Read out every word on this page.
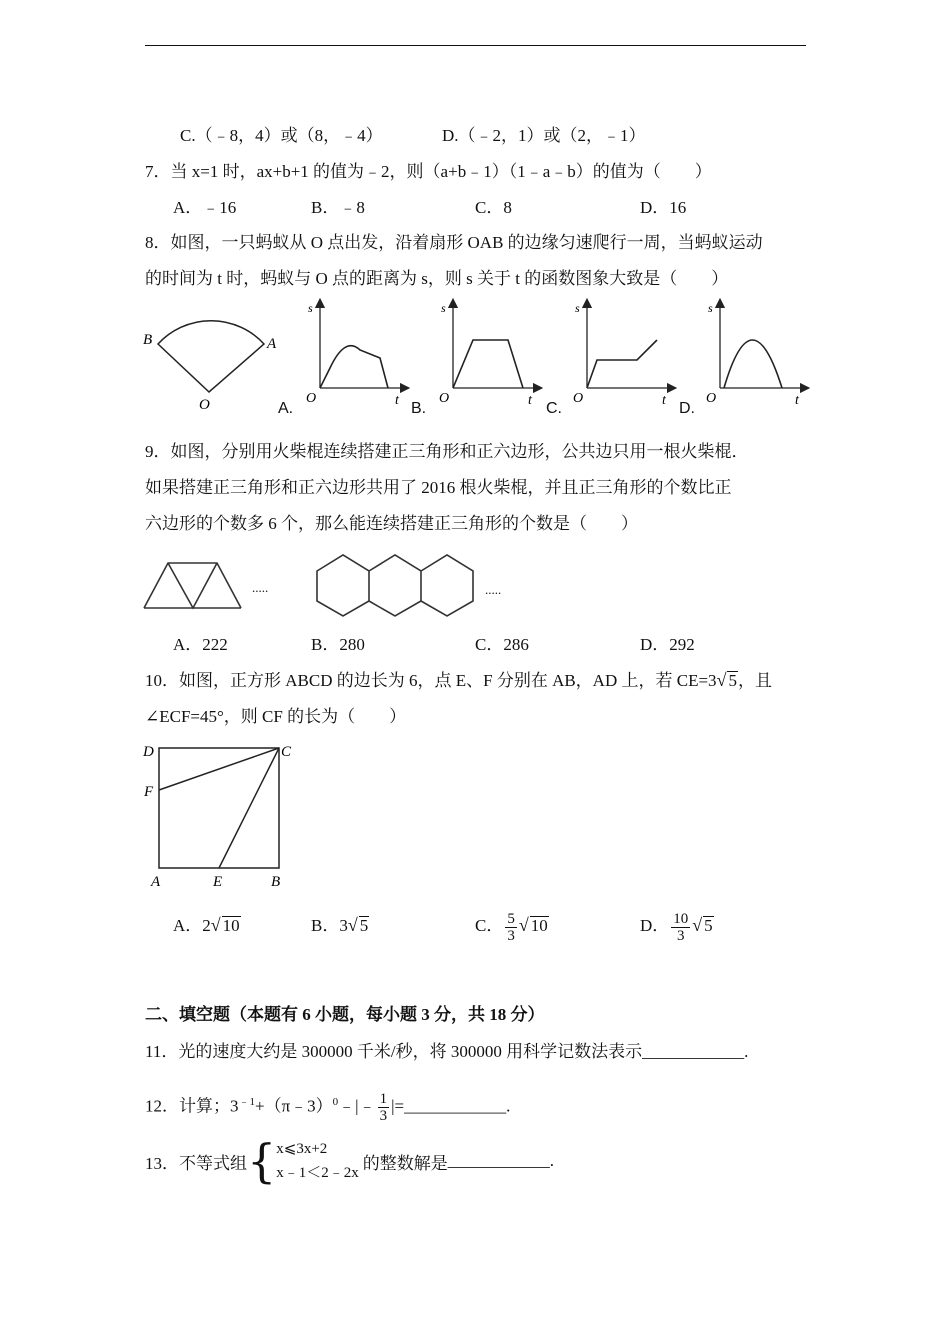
C.（﹣8，4）或（8，﹣4）	D.（﹣2，1）或（2，﹣1）
7．当 x=1 时，ax+b+1 的值为﹣2，则（a+b﹣1）（1﹣a﹣b）的值为（　　）
A．﹣16	B．﹣8	C．8	D．16
8．如图，一只蚂蚁从 O 点出发，沿着扇形 OAB 的边缘匀速爬行一周，当蚂蚁运动
的时间为 t 时，蚂蚁与 O 点的距离为 s，则 s 关于 t 的函数图象大致是（　　）
B	A
O
s
O	t
s
O	t
s
O	t
s
O	t
A.	B.	C.	D.
9．如图，分别用火柴棍连续搭建正三角形和正六边形，公共边只用一根火柴棍．
如果搭建正三角形和正六边形共用了 2016 根火柴棍，并且正三角形的个数比正
六边形的个数多 6 个，那么能连续搭建正三角形的个数是（　　）
.....	.....
A．222	B．280	C．286	D．292
10．如图，正方形 ABCD 的边长为 6，点 E、F 分别在 AB，AD 上，若 CE=3√ 5，且
∠ECF=45°，则 CF 的长为（　　）
D	C
F
A	E	B
A．2√ 10	B．3√ 5	C． $\frac{5}{3}$ √ 10	D． $\frac{10}{3}$ √ 5
二、填空题（本题有 6 小题，每小题 3 分，共 18 分）
11．光的速度大约是 300000 千米/秒，将 300000 用科学记数法表示____________.
12．计算；$3^{﹣1}+(\pi﹣3)^0﹣|﹣ \frac{1}{3}$ |=____________.
13．不等式组 { x⩽3x+2
x﹣1＜2﹣2x
的整数解是 ____________ .
